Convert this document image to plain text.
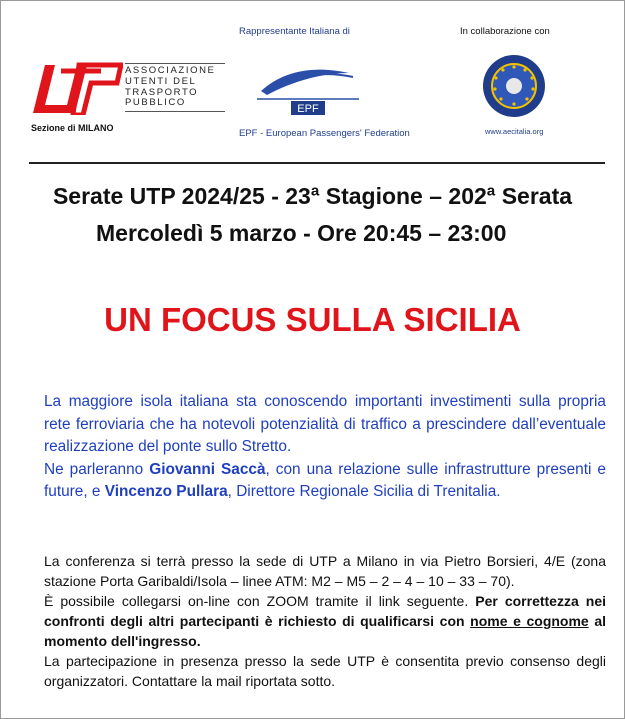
ASSOCIAZIONE
UTENTI DEL
TRASPORTO
PUBBLICO
Sezione di MILANO
Rappresentante Italiana di
EPF
EPF - European Passengers' Federation
In collaborazione con
www.aecitalia.org
Serate UTP 2024/25 - 23ª Stagione – 202ª Serata
Mercoledì 5 marzo - Ore 20:45 – 23:00
UN FOCUS SULLA SICILIA

La maggiore isola italiana sta conoscendo importanti investimenti sulla propria rete ferroviaria che ha notevoli potenzialità di traffico a prescindere dall’eventuale realizzazione del ponte sullo Stretto.

Ne parleranno Giovanni Saccà, con una relazione sulle infrastrutture presenti e future, e Vincenzo Pullara, Direttore Regionale Sicilia di Trenitalia.

La conferenza si terrà presso la sede di UTP a Milano in via Pietro Borsieri, 4/E (zona stazione Porta Garibaldi/Isola – linee ATM: M2 – M5 – 2 – 4 – 10 – 33 – 70).

È possibile collegarsi on-line con ZOOM tramite il link seguente. Per correttezza nei confronti degli altri partecipanti è richiesto di qualificarsi con nome e cognome al momento dell'ingresso.

La partecipazione in presenza presso la sede UTP è consentita previo consenso degli organizzatori. Contattare la mail riportata sotto.
